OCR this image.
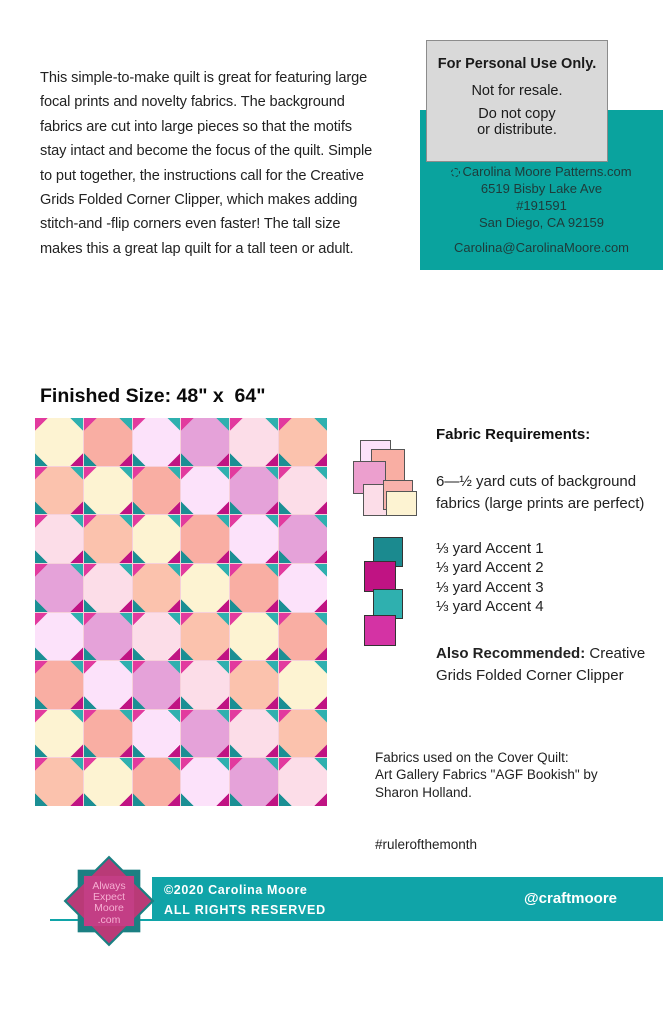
This simple-to-make quilt is great for featuring large focal prints and novelty fabrics. The background fabrics are cut into large pieces so that the motifs stay intact and become the focus of the quilt. Simple to put together, the instructions call for the Creative Grids Folded Corner Clipper, which makes adding stitch-and -flip corners even faster! The tall size makes this a great lap quilt for a tall teen or adult.

For Personal Use Only.
Not for resale.
Do not copy
or distribute.
Carolina Moore Patterns.com
6519 Bisby Lake Ave
#191591
San Diego, CA 92159
Carolina@CarolinaMoore.com
Finished Size: 48" x  64"
Fabric Requirements:
6—½ yard cuts of background fabrics (large prints are perfect)
⅓ yard Accent 1
⅓ yard Accent 2
⅓ yard Accent 3
⅓ yard Accent 4
Also Recommended: Creative Grids Folded Corner Clipper
Fabrics used on the Cover Quilt:
Art Gallery Fabrics "AGF Bookish" by
Sharon Holland.
#rulerofthemonth
©2020 Carolina Moore
ALL RIGHTS RESERVED
@craftmoore
Always
Expect
Moore
.com
